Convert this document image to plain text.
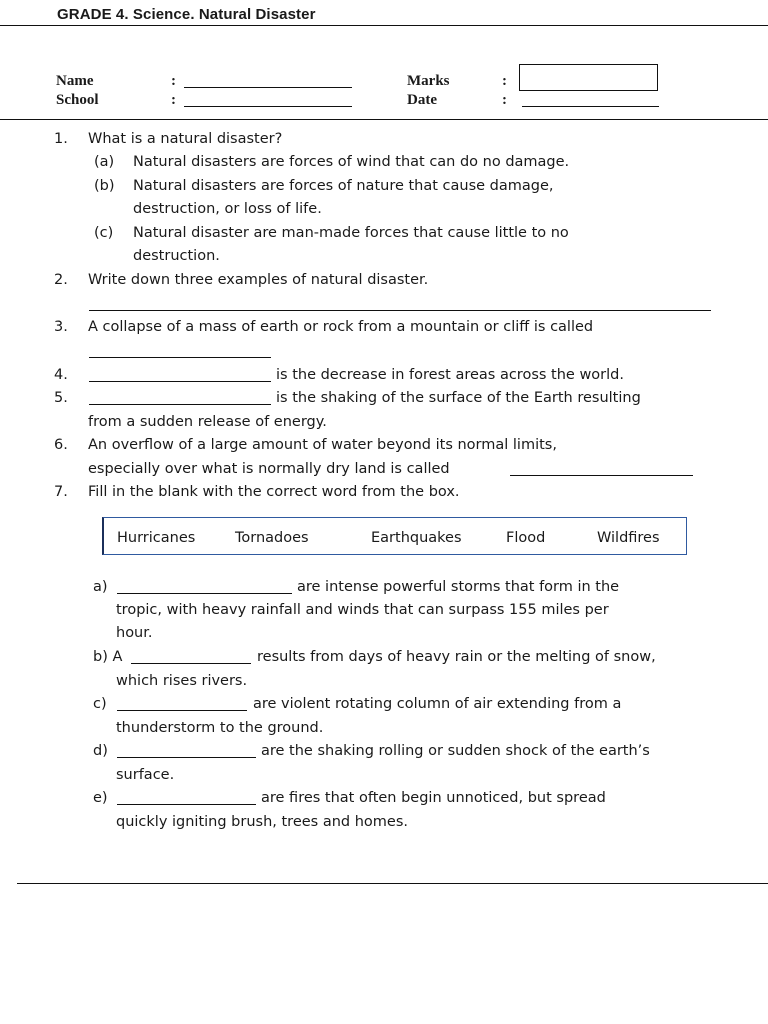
GRADE 4. Science. Natural Disaster
Name	:
School	:
Marks	:
Date	:
1. What is a natural disaster?
(a) Natural disasters are forces of wind that can do no damage.
(b) Natural disasters are forces of nature that cause damage,
destruction, or loss of life.
(c) Natural disaster are man-made forces that cause little to no
destruction.
2. Write down three examples of natural disaster.
3. A collapse of a mass of earth or rock from a mountain or cliff is called
4.	is the decrease in forest areas across the world.
5.	is the shaking of the surface of the Earth resulting
from a sudden release of energy.
6. An overflow of a large amount of water beyond its normal limits,
especially over what is normally dry land is called
7. Fill in the blank with the correct word from the box.
Hurricanes	Tornadoes	Earthquakes	Flood	Wildfires
a)	are intense powerful storms that form in the
tropic, with heavy rainfall and winds that can surpass 155 miles per
hour.
b) A	results from days of heavy rain or the melting of snow,
which rises rivers.
c)	are violent rotating column of air extending from a
thunderstorm to the ground.
d)	are the shaking rolling or sudden shock of the earth’s
surface.
e)	are fires that often begin unnoticed, but spread
quickly igniting brush, trees and homes.
